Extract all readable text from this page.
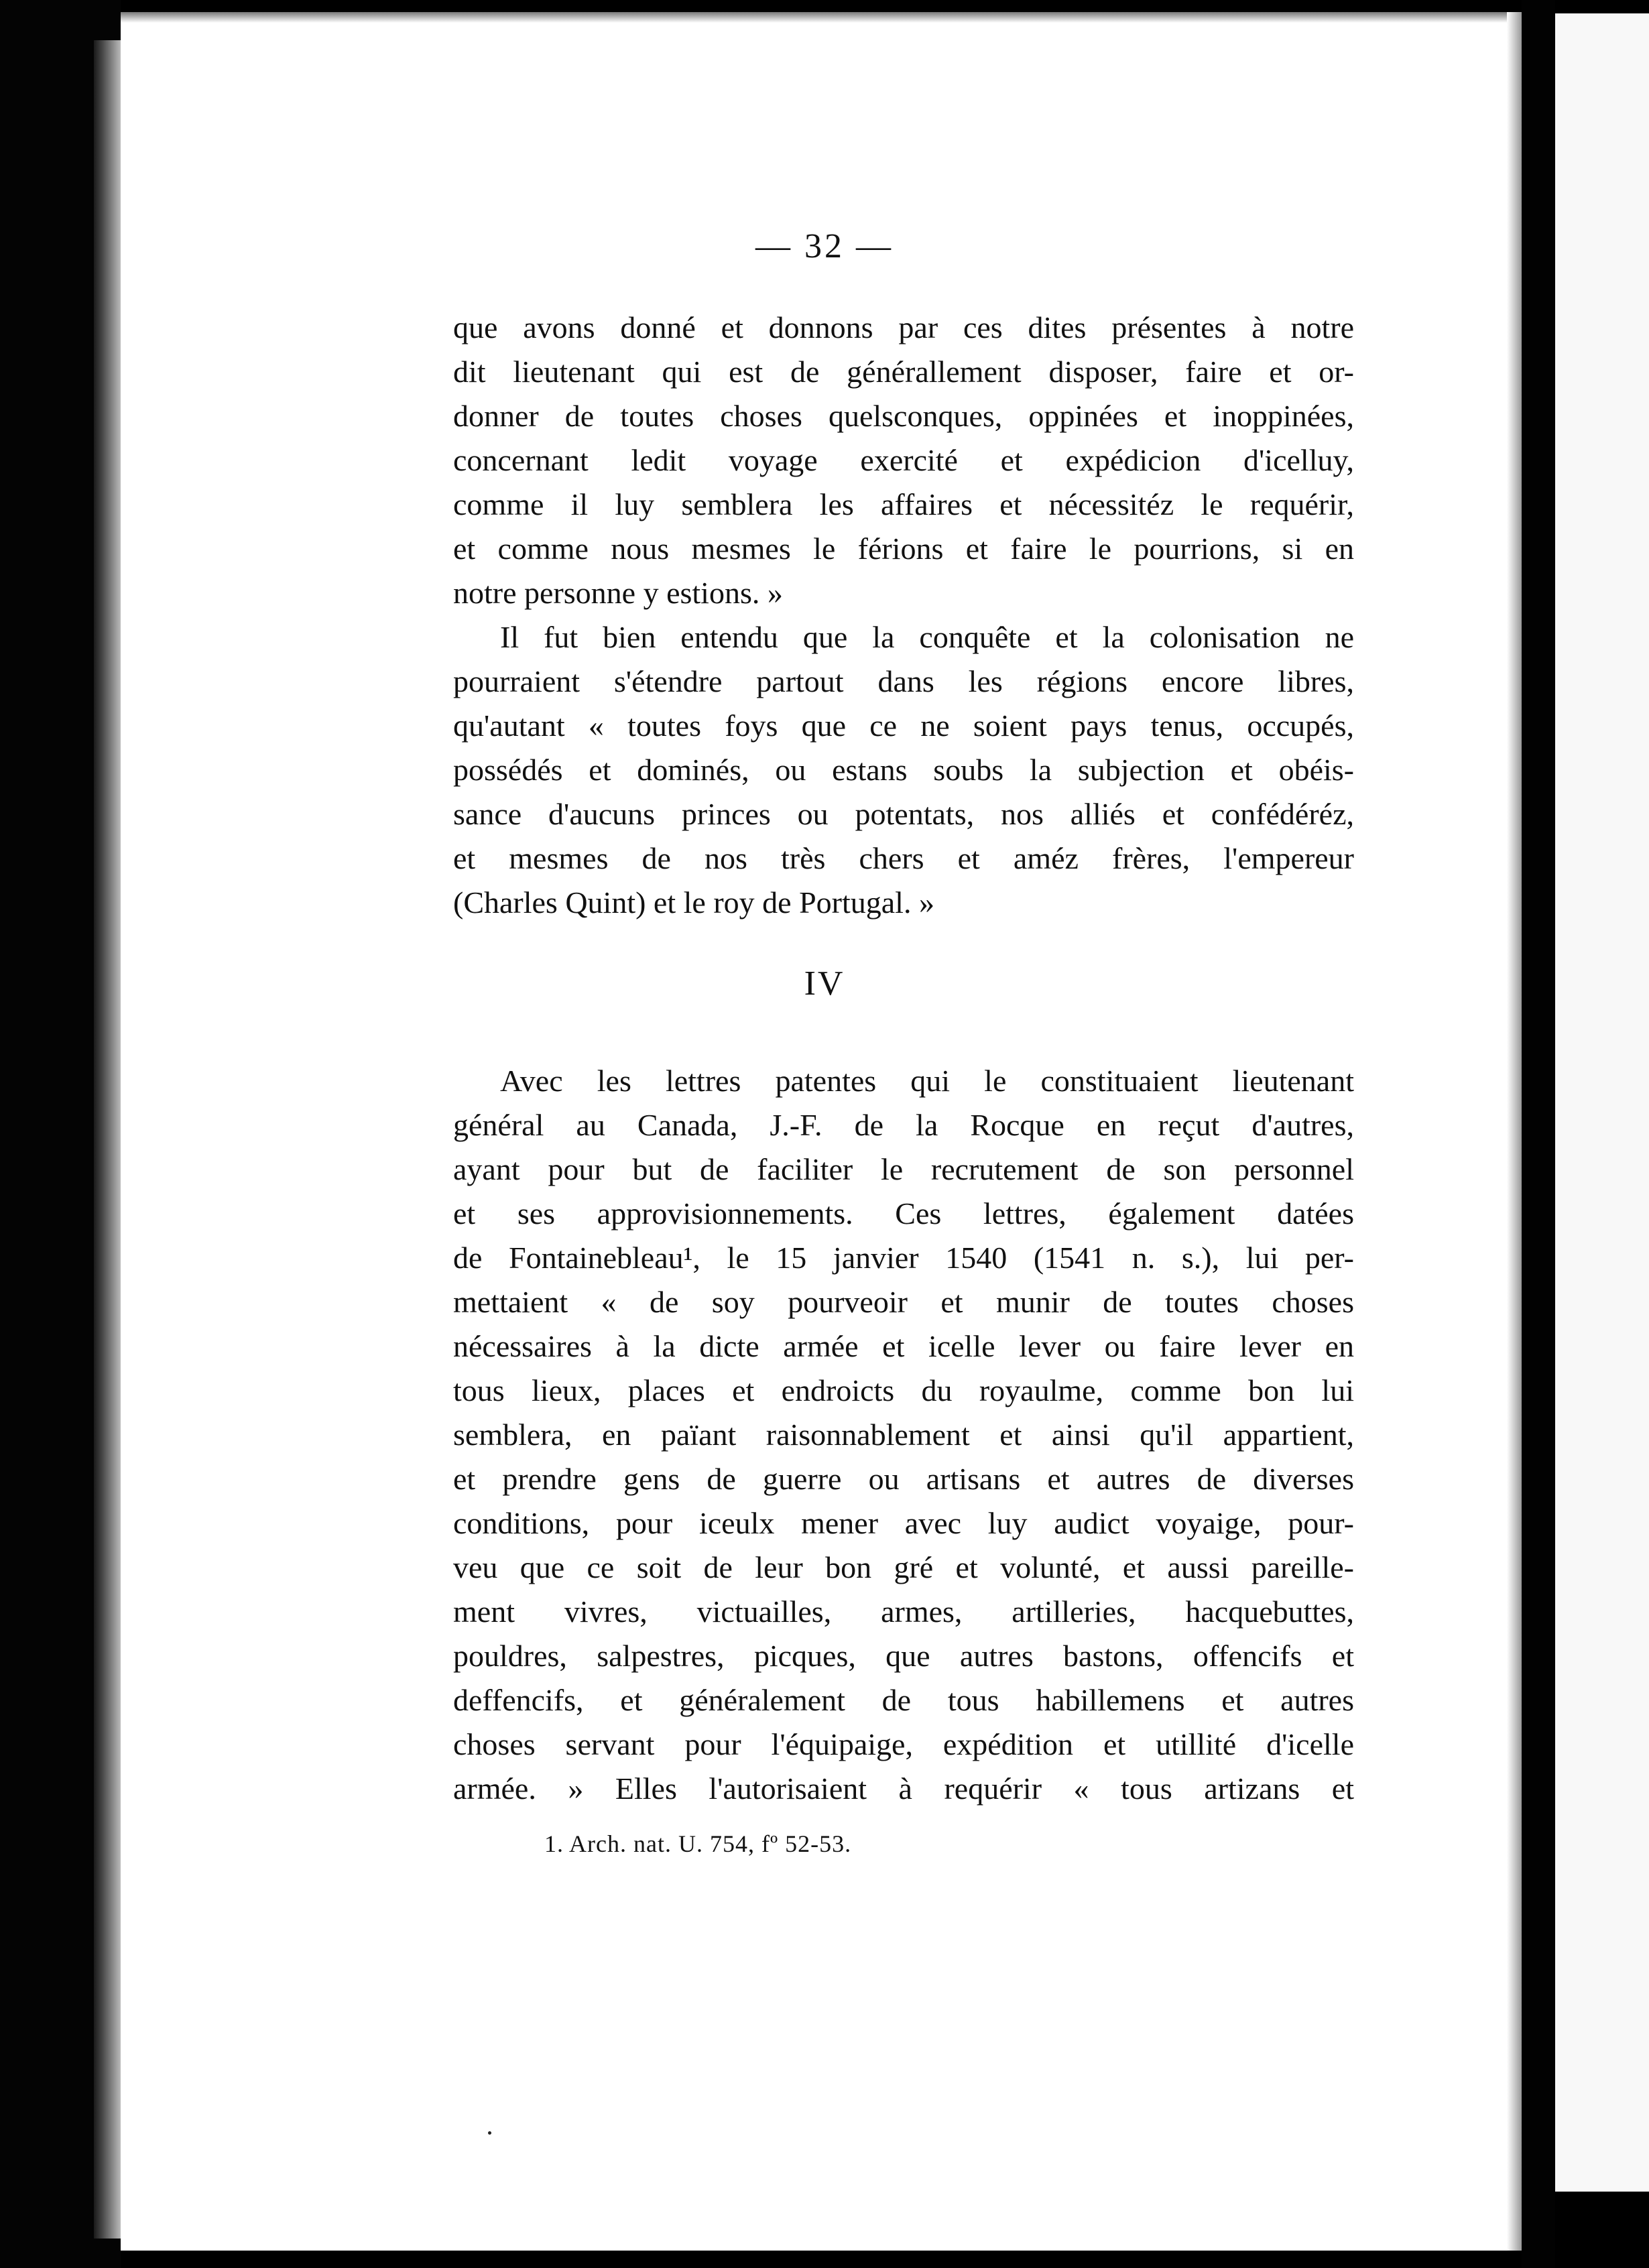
— 32 —
que avons donné et donnons par ces dites présentes à notre
dit lieutenant qui est de générallement disposer, faire et or-
donner de toutes choses quelsconques, oppinées et inoppinées,
concernant ledit voyage exercité et expédicion d'icelluy,
comme il luy semblera les affaires et nécessitéz le requérir,
et comme nous mesmes le férions et faire le pourrions, si en
notre personne y estions. »
Il fut bien entendu que la conquête et la colonisation ne
pourraient s'étendre partout dans les régions encore libres,
qu'autant « toutes foys que ce ne soient pays tenus, occupés,
possédés et dominés, ou estans soubs la subjection et obéis-
sance d'aucuns princes ou potentats, nos alliés et confédéréz,
et mesmes de nos très chers et améz frères, l'empereur
(Charles Quint) et le roy de Portugal. »
IV
Avec les lettres patentes qui le constituaient lieutenant
général au Canada, J.-F. de la Rocque en reçut d'autres,
ayant pour but de faciliter le recrutement de son personnel
et ses approvisionnements. Ces lettres, également datées
de Fontainebleau¹, le 15 janvier 1540 (1541 n. s.), lui per-
mettaient « de soy pourveoir et munir de toutes choses
nécessaires à la dicte armée et icelle lever ou faire lever en
tous lieux, places et endroicts du royaulme, comme bon lui
semblera, en païant raisonnablement et ainsi qu'il appartient,
et prendre gens de guerre ou artisans et autres de diverses
conditions, pour iceulx mener avec luy audict voyaige, pour-
veu que ce soit de leur bon gré et volunté, et aussi pareille-
ment vivres, victuailles, armes, artilleries, hacquebuttes,
pouldres, salpestres, picques, que autres bastons, offencifs et
deffencifs, et généralement de tous habillemens et autres
choses servant pour l'équipaige, expédition et utillité d'icelle
armée. » Elles l'autorisaient à requérir « tous artizans et
1. Arch. nat. U. 754, fº 52-53.
